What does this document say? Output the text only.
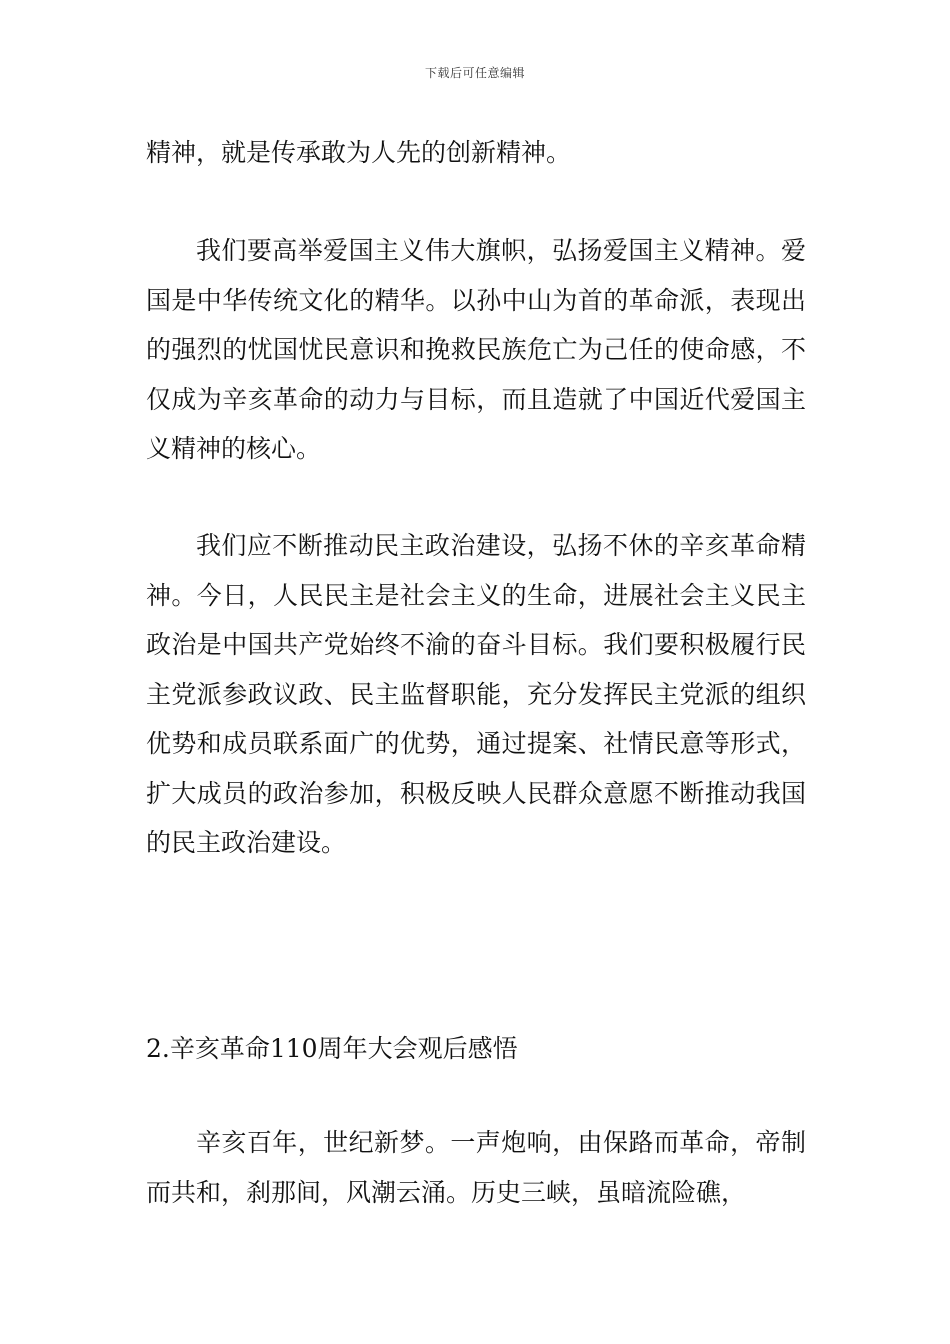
下载后可任意编辑

精神，就是传承敢为人先的创新精神。

我们要高举爱国主义伟大旗帜，弘扬爱国主义精神。爱国是中华传统文化的精华。以孙中山为首的革命派，表现出的强烈的忧国忧民意识和挽救民族危亡为己任的使命感，不仅成为辛亥革命的动力与目标，而且造就了中国近代爱国主义精神的核心。

我们应不断推动民主政治建设，弘扬不休的辛亥革命精神。今日，人民民主是社会主义的生命，进展社会主义民主政治是中国共产党始终不渝的奋斗目标。我们要积极履行民主党派参政议政、民主监督职能，充分发挥民主党派的组织优势和成员联系面广的优势，通过提案、社情民意等形式，扩大成员的政治参加，积极反映人民群众意愿不断推动我国的民主政治建设。

2.辛亥革命110周年大会观后感悟

辛亥百年，世纪新梦。一声炮响，由保路而革命，帝制而共和，刹那间，风潮云涌。历史三峡，虽暗流险礁，
